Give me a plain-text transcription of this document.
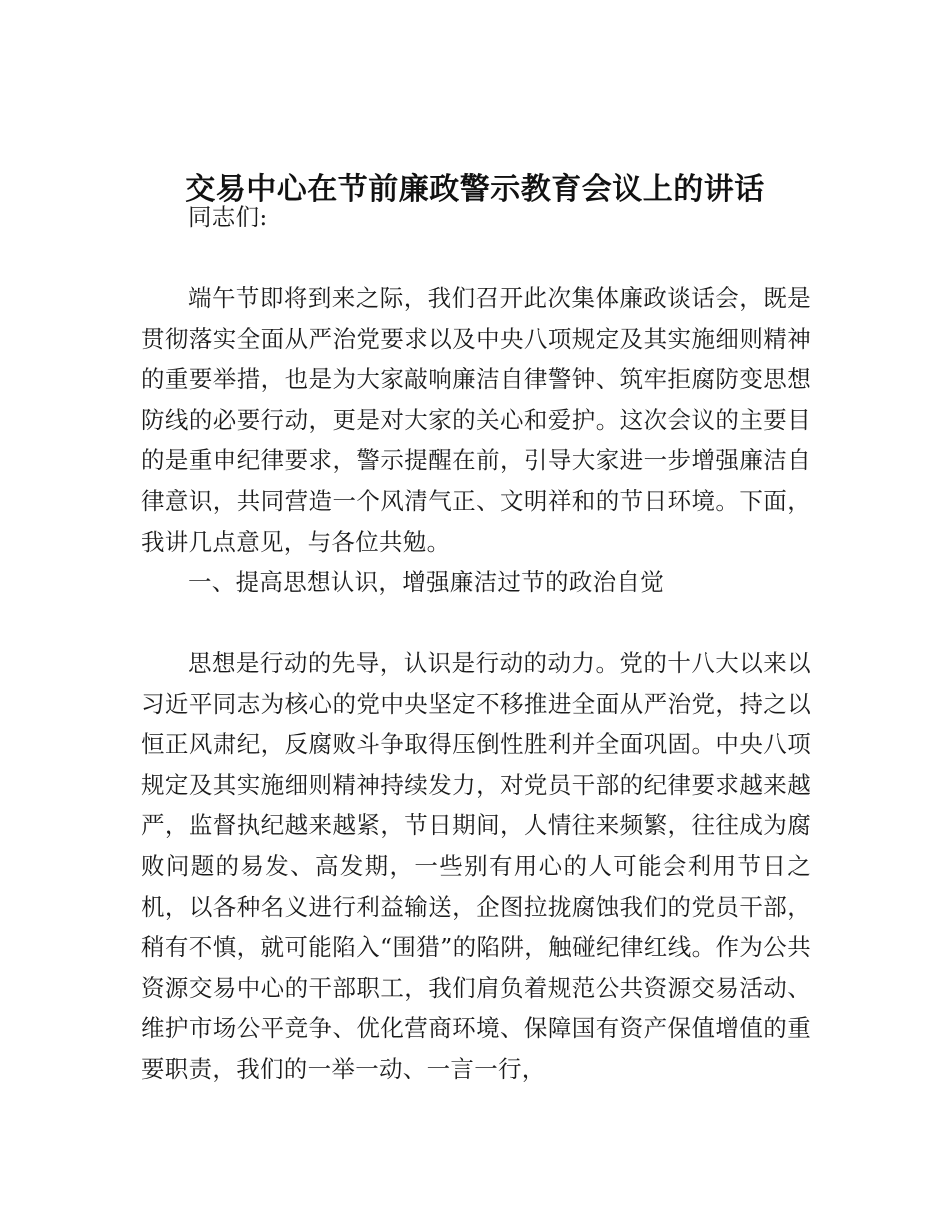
交易中心在节前廉政警示教育会议上的讲话
同志们:
端午节即将到来之际，我们召开此次集体廉政谈话会，既是贯彻落实全面从严治党要求以及中央八项规定及其实施细则精神的重要举措，也是为大家敲响廉洁自律警钟、筑牢拒腐防变思想防线的必要行动，更是对大家的关心和爱护。这次会议的主要目的是重申纪律要求，警示提醒在前，引导大家进一步增强廉洁自律意识，共同营造一个风清气正、文明祥和的节日环境。下面，我讲几点意见，与各位共勉。
一、提高思想认识，增强廉洁过节的政治自觉
思想是行动的先导，认识是行动的动力。党的十八大以来以习近平同志为核心的党中央坚定不移推进全面从严治党，持之以恒正风肃纪，反腐败斗争取得压倒性胜利并全面巩固。中央八项规定及其实施细则精神持续发力，对党员干部的纪律要求越来越严，监督执纪越来越紧，节日期间，人情往来频繁，往往成为腐败问题的易发、高发期，一些别有用心的人可能会利用节日之机，以各种名义进行利益输送，企图拉拢腐蚀我们的党员干部，稍有不慎，就可能陷入“围猎”的陷阱，触碰纪律红线。作为公共资源交易中心的干部职工，我们肩负着规范公共资源交易活动、维护市场公平竞争、优化营商环境、保障国有资产保值增值的重要职责，我们的一举一动、一言一行，
